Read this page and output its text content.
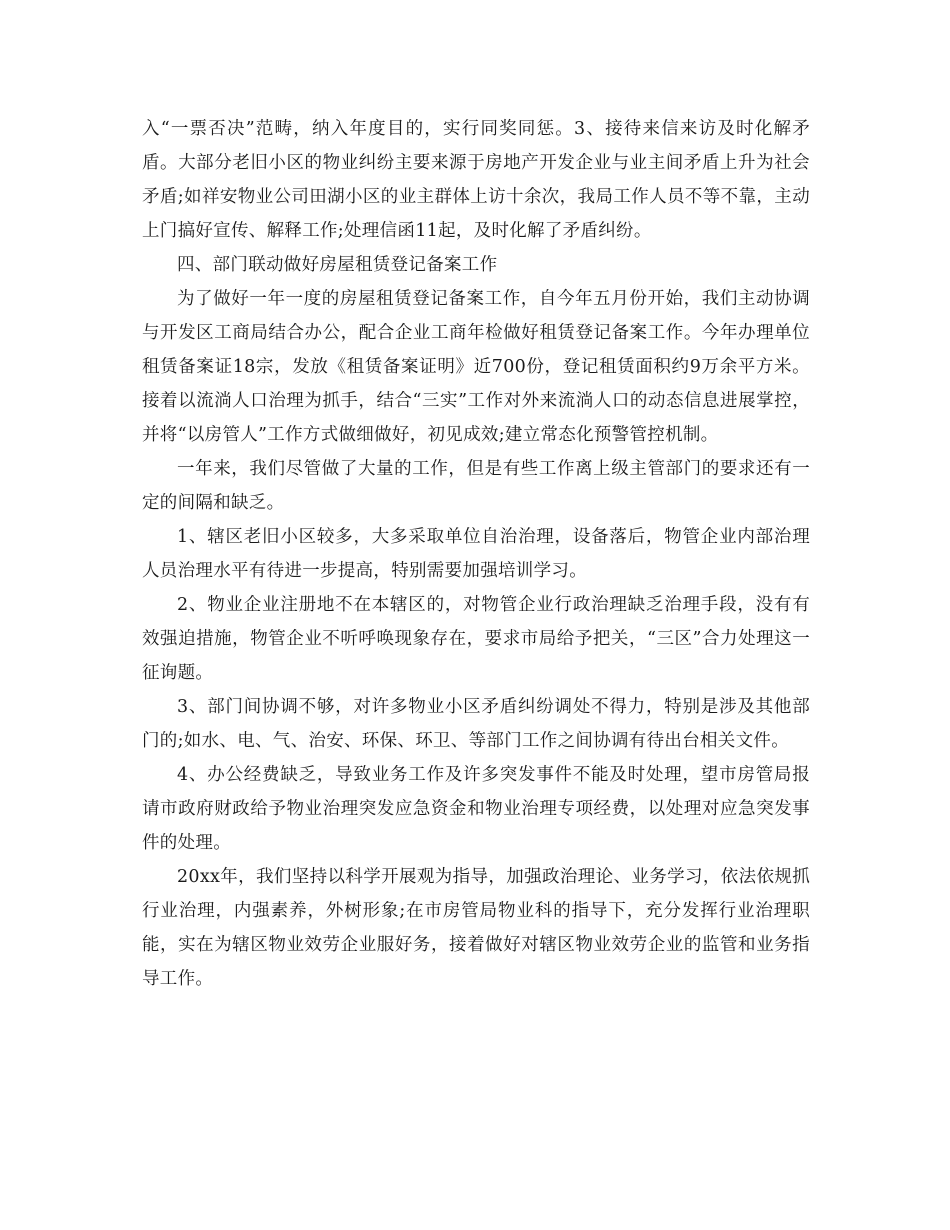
入“一票否决”范畴，纳入年度目的，实行同奖同惩。3、接待来信来访及时化解矛盾。大部分老旧小区的物业纠纷主要来源于房地产开发企业与业主间矛盾上升为社会矛盾;如祥安物业公司田湖小区的业主群体上访十余次，我局工作人员不等不靠，主动上门搞好宣传、解释工作;处理信函11起，及时化解了矛盾纠纷。

四、部门联动做好房屋租赁登记备案工作

为了做好一年一度的房屋租赁登记备案工作，自今年五月份开始，我们主动协调与开发区工商局结合办公，配合企业工商年检做好租赁登记备案工作。今年办理单位租赁备案证18宗，发放《租赁备案证明》近700份，登记租赁面积约9万余平方米。接着以流淌人口治理为抓手，结合“三实”工作对外来流淌人口的动态信息进展掌控，并将“以房管人”工作方式做细做好，初见成效;建立常态化预警管控机制。

一年来，我们尽管做了大量的工作，但是有些工作离上级主管部门的要求还有一定的间隔和缺乏。

1、辖区老旧小区较多，大多采取单位自治治理，设备落后，物管企业内部治理人员治理水平有待进一步提高，特别需要加强培训学习。

2、物业企业注册地不在本辖区的，对物管企业行政治理缺乏治理手段，没有有效强迫措施，物管企业不听呼唤现象存在，要求市局给予把关，“三区”合力处理这一征询题。

3、部门间协调不够，对许多物业小区矛盾纠纷调处不得力，特别是涉及其他部门的;如水、电、气、治安、环保、环卫、等部门工作之间协调有待出台相关文件。

4、办公经费缺乏，导致业务工作及许多突发事件不能及时处理，望市房管局报请市政府财政给予物业治理突发应急资金和物业治理专项经费，以处理对应急突发事件的处理。

20xx年，我们坚持以科学开展观为指导，加强政治理论、业务学习，依法依规抓行业治理，内强素养，外树形象;在市房管局物业科的指导下，充分发挥行业治理职能，实在为辖区物业效劳企业服好务，接着做好对辖区物业效劳企业的监管和业务指导工作。
